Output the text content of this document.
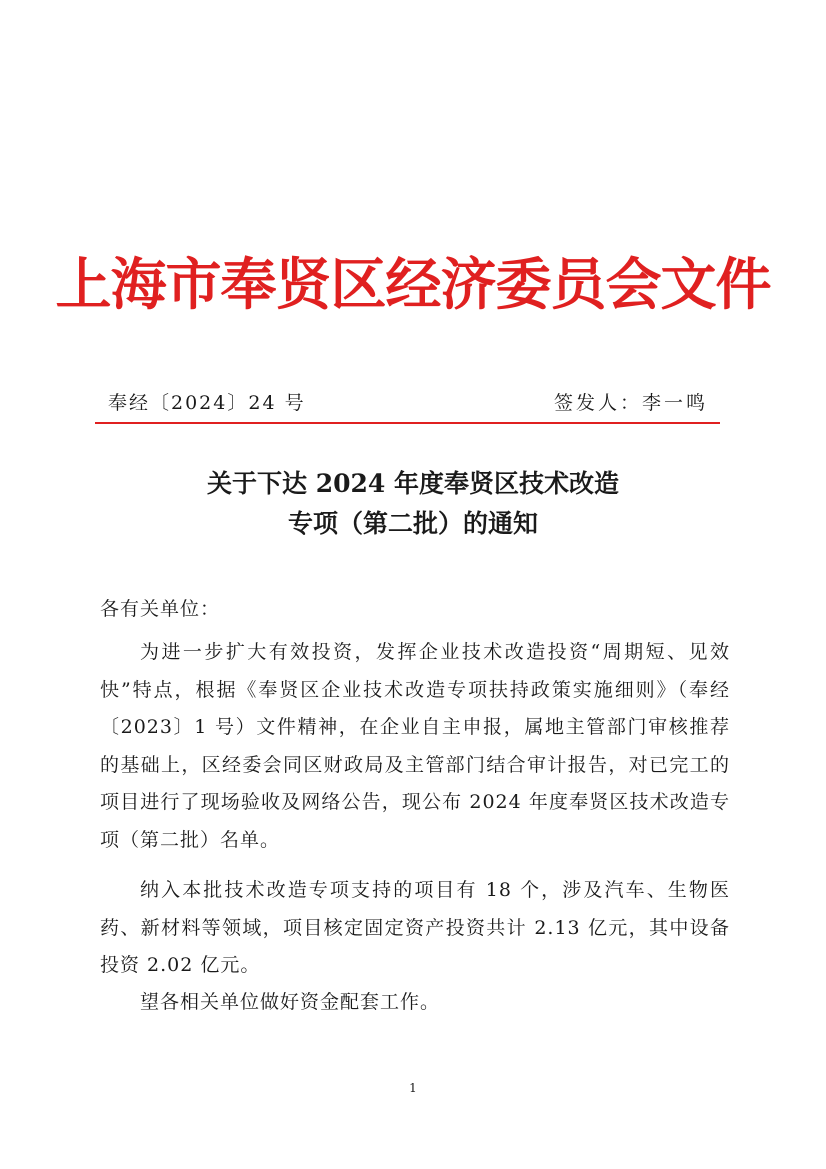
上海市奉贤区经济委员会文件
奉经〔2024〕24 号	签发人：李一鸣
关于下达 2024 年度奉贤区技术改造
专项（第二批）的通知
各有关单位：
为进一步扩大有效投资，发挥企业技术改造投资“周期短、见效快”特点，根据《奉贤区企业技术改造专项扶持政策实施细则》（奉经〔2023〕1 号）文件精神，在企业自主申报，属地主管部门审核推荐的基础上，区经委会同区财政局及主管部门结合审计报告，对已完工的项目进行了现场验收及网络公告，现公布 2024 年度奉贤区技术改造专项（第二批）名单。
纳入本批技术改造专项支持的项目有 18 个，涉及汽车、生物医药、新材料等领域，项目核定固定资产投资共计 2.13 亿元，其中设备投资 2.02 亿元。
望各相关单位做好资金配套工作。
1
